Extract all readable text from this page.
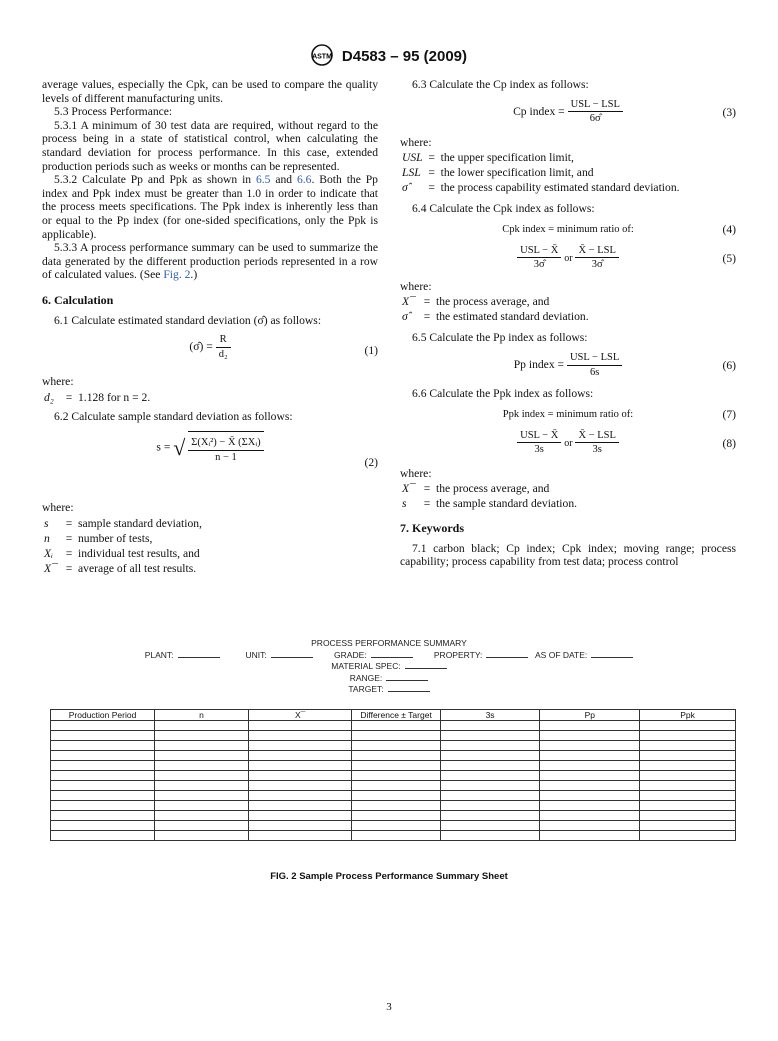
ASTM D4583 – 95 (2009)

average values, especially the Cpk, can be used to compare the quality levels of different manufacturing units.

5.3 Process Performance:

5.3.1 A minimum of 30 test data are required, without regard to the process being in a state of statistical control, when calculating the standard deviation for process performance. In this case, extended production periods such as weeks or months can be represented.

5.3.2 Calculate Pp and Ppk as shown in 6.5 and 6.6. Both the Pp index and Ppk index must be greater than 1.0 in order to indicate that the process meets specifications. The Ppk index is inherently less than or equal to the Pp index (for one-sided specifications, only the Ppk is applicable).

5.3.3 A process performance summary can be used to summarize the data generated by the different production periods represented in a row of calculated values. (See Fig. 2.)

6. Calculation

6.1 Calculate estimated standard deviation (σ̂) as follows:

(σ̂) = $\frac{R}{\text{d₂}}$	(1)

where:

d₂	=	1.128 for n = 2.

6.2 Calculate sample standard deviation as follows:

s = √ $\frac{\text{Σ(Xᵢ²) − X̄ (ΣXᵢ)}}{n - 1}$	(2)

where:

s	=	sample standard deviation,
n	=	number of tests,
Xᵢ	=	individual test results, and
X¯	=	average of all test results.

6.3 Calculate the Cp index as follows:

Cp index = $\frac{\text{USL − LSL}}{6\sigmâ}$	(3)

where:

USL	=	the upper specification limit,
LSL	=	the lower specification limit, and
σ̂	=	the process capability estimated standard deviation.

6.4 Calculate the Cpk index as follows:

Cpk index = minimum ratio of:	(4)
$\frac{\text{USL − X̄}}{3\sigmâ}$ or $\frac{\text{X̄ − LSL}}{3\sigmâ}$	(5)

where:

X¯	=	the process average, and
σ̂	=	the estimated standard deviation.

6.5 Calculate the Pp index as follows:

Pp index = $\frac{\text{USL − LSL}}{6s}$	(6)

6.6 Calculate the Ppk index as follows:

Ppk index = minimum ratio of:	(7)
$\frac{\text{USL − X̄}}{3s}$ or $\frac{\text{X̄ − LSL}}{3s}$	(8)

where:

X¯	=	the process average, and
s	=	the sample standard deviation.
7. Keywords

7.1 carbon black; Cp index; Cpk index; moving range; process capability; process capability from test data; process control

PROCESS PERFORMANCE SUMMARY
PLANT:	UNIT:	GRADE:	PROPERTY:	AS OF DATE:
MATERIAL SPEC:
RANGE:
TARGET:
Production Period	n	X¯	Difference ± Target	3s	Pp	Ppk

FIG. 2 Sample Process Performance Summary Sheet
3
